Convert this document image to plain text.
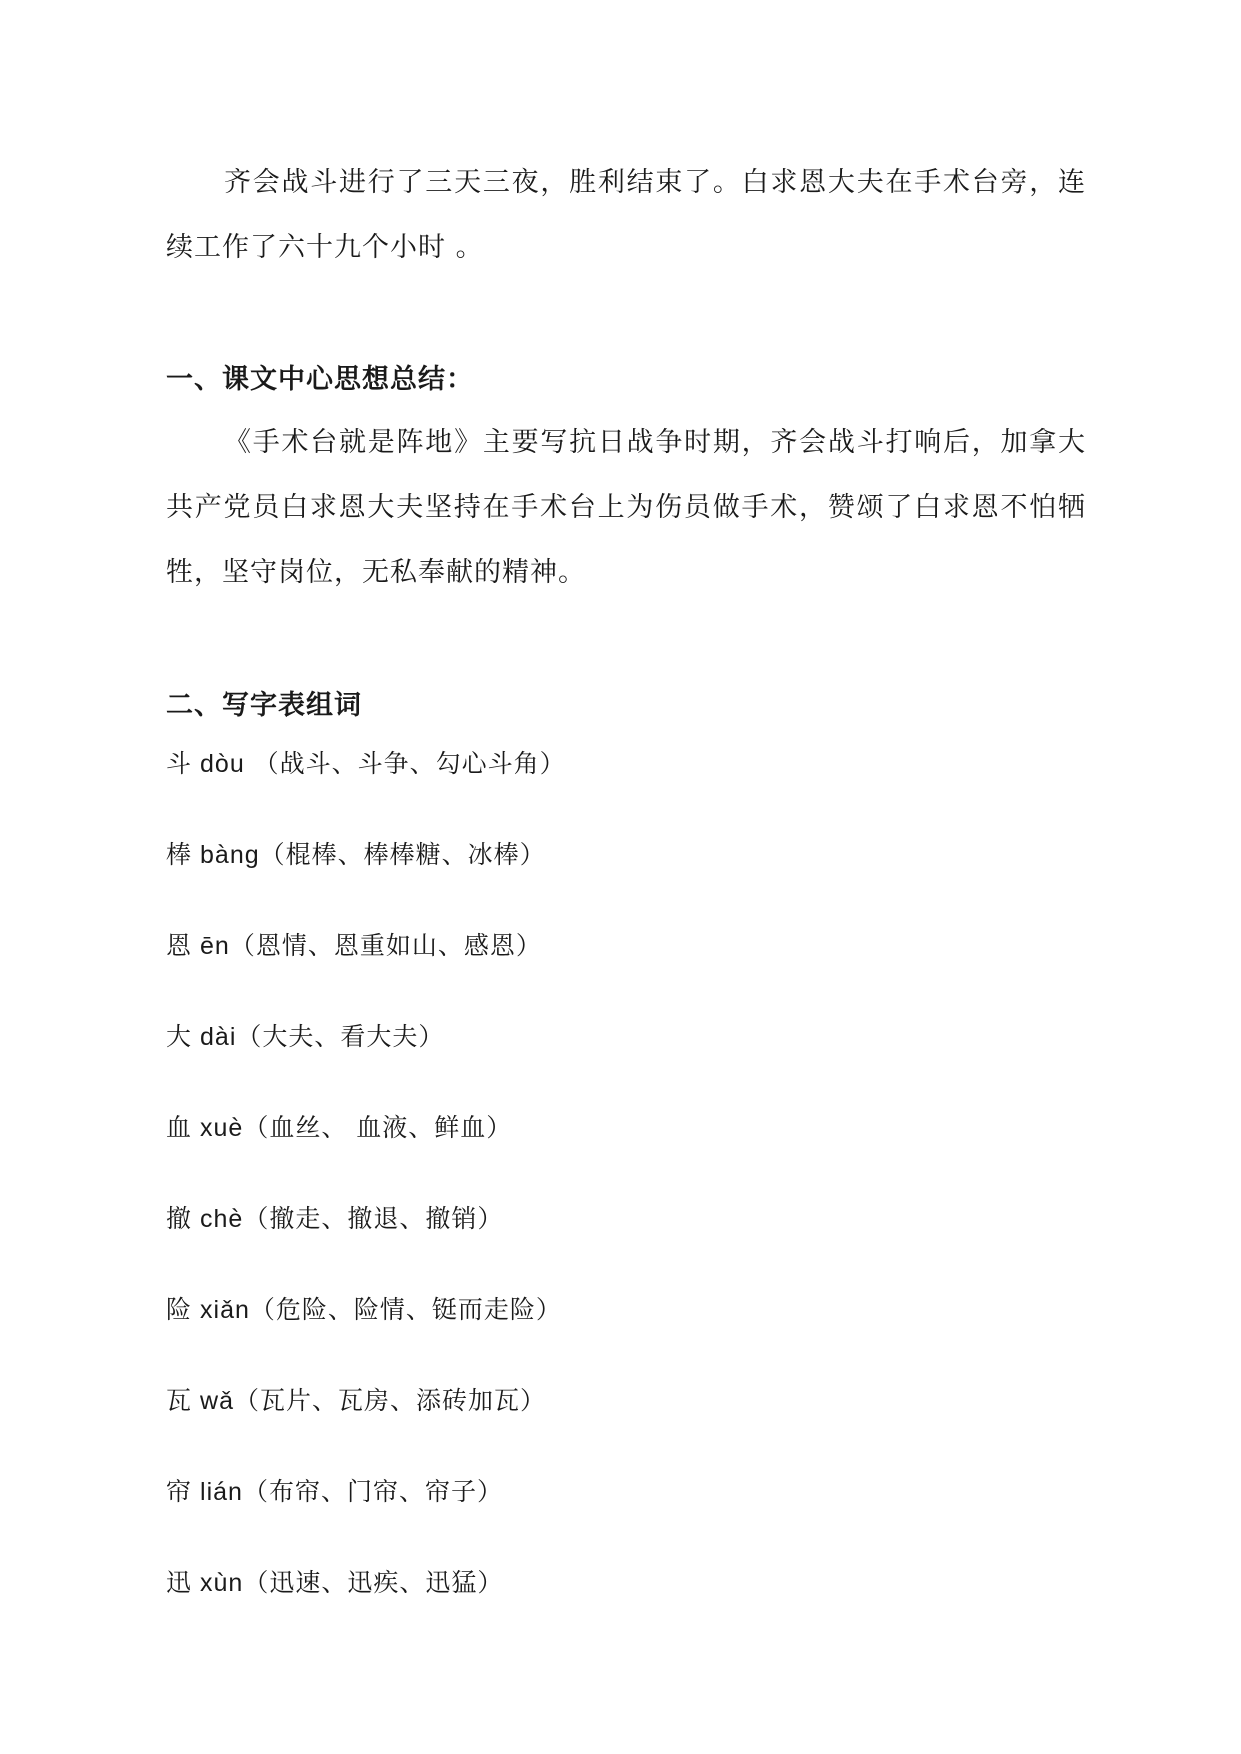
齐会战斗进行了三天三夜，胜利结束了。白求恩大夫在手术台旁，连续工作了六十九个小时 。

一、课文中心思想总结：

《手术台就是阵地》主要写抗日战争时期，齐会战斗打响后，加拿大共产党员白求恩大夫坚持在手术台上为伤员做手术，赞颂了白求恩不怕牺牲，坚守岗位，无私奉献的精神。

二、写字表组词
斗 dòu （战斗、斗争、勾心斗角）
棒 bàng（棍棒、棒棒糖、冰棒）
恩 ēn（恩情、恩重如山、感恩）
大 dài（大夫、看大夫）
血 xuè（血丝、 血液、鲜血）
撤 chè（撤走、撤退、撤销）
险 xiǎn（危险、险情、铤而走险）
瓦 wǎ（瓦片、瓦房、添砖加瓦）
帘 lián（布帘、门帘、帘子）
迅 xùn（迅速、迅疾、迅猛）
